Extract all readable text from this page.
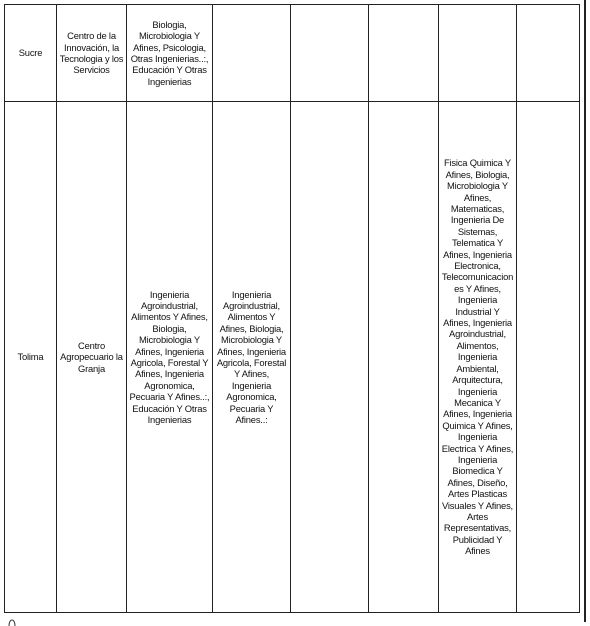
Sucre	Centro de la Innovación, la Tecnologia y los Servicios	Biologia, Microbiologia Y Afines, Psicologia, Otras Ingenierias..:, Educación Y Otras Ingenierias					
Tolima	Centro Agropecuario la Granja	Ingenieria Agroindustrial, Alimentos Y Afines, Biologia, Microbiologia Y Afines, Ingenieria Agricola, Forestal Y Afines, Ingenieria Agronomica, Pecuaria Y Afines..:, Educación Y Otras Ingenierias	Ingenieria Agroindustrial, Alimentos Y Afines, Biologia, Microbiologia Y Afines, Ingenieria Agricola, Forestal Y Afines, Ingenieria Agronomica, Pecuaria Y Afines..:			Fisica Quimica Y Afines, Biologia, Microbiologia Y Afines, Matematicas, Ingenieria De Sistemas, Telematica Y Afines, Ingenieria Electronica, Telecomunicaciones Y Afines, Ingenieria Industrial Y Afines, Ingenieria Agroindustrial, Alimentos, Ingenieria Ambiental, Arquitectura, Ingenieria Mecanica Y Afines, Ingenieria Quimica Y Afines, Ingenieria Electrica Y Afines, Ingenieria Biomedica Y Afines, Diseño, Artes Plasticas Visuales Y Afines, Artes Representativas, Publicidad Y Afines	
